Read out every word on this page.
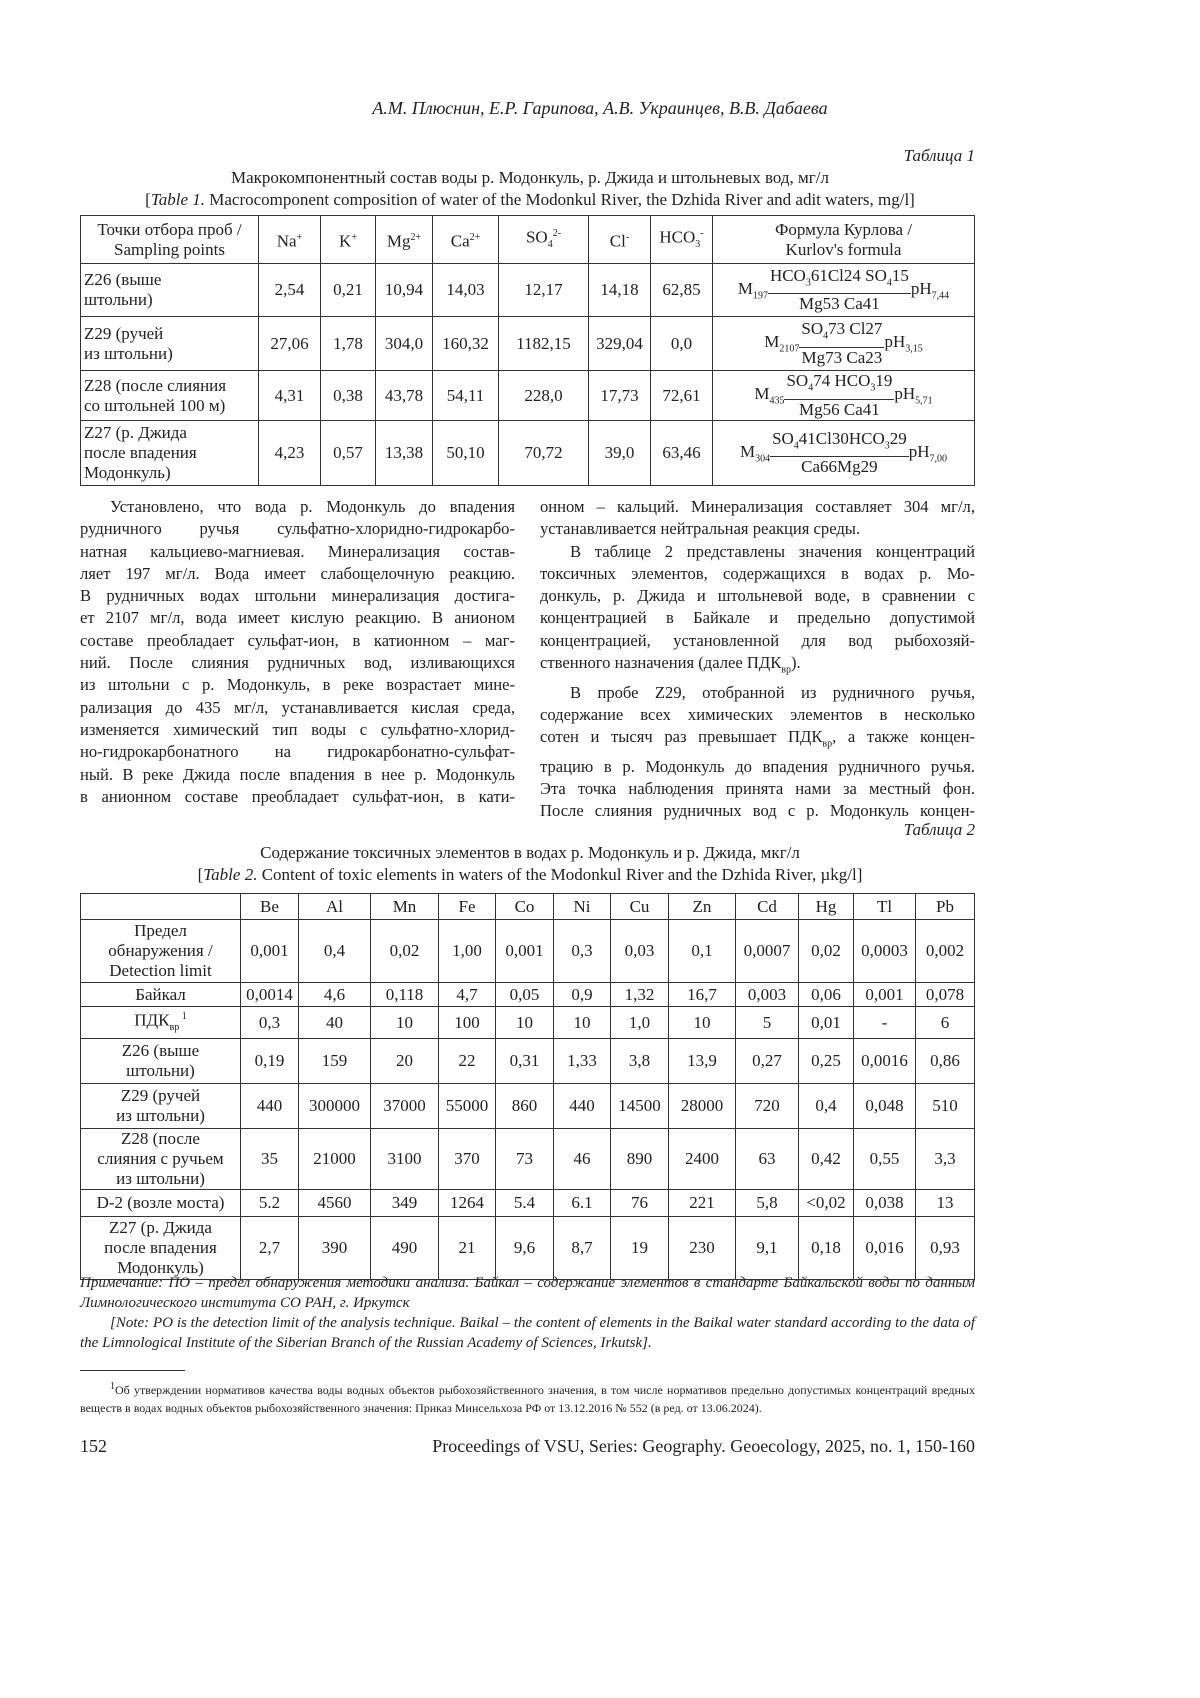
А.М. Плюснин, Е.Р. Гарипова, А.В. Украинцев, В.В. Дабаева
Таблица 1
Макрокомпонентный состав воды р. Модонкуль, р. Джида и штольневых вод, мг/л
[Table 1. Macrocomponent composition of water of the Modonkul River, the Dzhida River and adit waters, mg/l]
Точки отбора проб /
Sampling points	Na+	K+	Mg2+	Ca2+	SO42-	Cl-	HCO3-	Формула Курлова /
Kurlov's formula

Z26 (выше
штольни)
	2,54	0,21	10,94	14,03	12,17	14,18	62,85	M197
HCO361Cl24 SO415
Mg53 Ca41
pH7,44

Z29 (ручей
из штольни)
	27,06	1,78	304,0	160,32	1182,15	329,04	0,0	M2107
SO473 Cl27
Mg73 Ca23
pH3,15

Z28 (после слияния
со штольней 100 м)
	4,31	0,38	43,78	54,11	228,0	17,73	72,61	M435
SO474 HCO319
Mg56 Ca41
pH5,71

Z27 (р. Джида
после впадения
Модонкуль)
	4,23	0,57	13,38	50,10	70,72	39,0	63,46	M304
SO441Cl30HCO329
Ca66Mg29
pH7,00
Установлено, что вода р. Модонкуль до впадения
рудничного ручья сульфатно-хлоридно-гидрокарбо-
натная кальциево-магниевая. Минерализация состав-
ляет 197 мг/л. Вода имеет слабощелочную реакцию.
В рудничных водах штольни минерализация достига-
ет 2107 мг/л, вода имеет кислую реакцию. В анионом
составе преобладает сульфат-ион, в катионном – маг-
ний. После слияния рудничных вод, изливающихся
из штольни с р. Модонкуль, в реке возрастает мине-
рализация до 435 мг/л, устанавливается кислая среда,
изменяется химический тип воды с сульфатно-хлорид-
но-гидрокарбонатного на гидрокарбонатно-сульфат-
ный. В реке Джида после впадения в нее р. Модонкуль
в анионном составе преобладает сульфат-ион, в кати-
онном – кальций. Минерализация составляет 304 мг/л,
устанавливается нейтральная реакция среды.
В таблице 2 представлены значения концентраций
токсичных элементов, содержащихся в водах р. Мо-
донкуль, р. Джида и штольневой воде, в сравнении с
концентрацией в Байкале и предельно допустимой
концентрацией, установленной для вод рыбохозяй-
ственного назначения (далее ПДКвр).
В пробе Z29, отобранной из рудничного ручья,
содержание всех химических элементов в несколько
сотен и тысяч раз превышает ПДКвр, а также концен-
трацию в р. Модонкуль до впадения рудничного ручья.
Эта точка наблюдения принята нами за местный фон.
После слияния рудничных вод с р. Модонкуль концен-
Таблица 2
Содержание токсичных элементов в водах р. Модонкуль и р. Джида, мкг/л
[Table 2. Content of toxic elements in waters of the Modonkul River and the Dzhida River, µkg/l]
	Be	Al	Mn	Fe	Co	Ni	Cu	Zn	Cd	Hg	Tl	Pb

Предел
обнаружения /
Detection limit
	0,001	0,4	0,02	1,00	0,001	0,3	0,03	0,1	0,0007	0,02	0,0003	0,002

Байкал	0,0014	4,6	0,118	4,7	0,05	0,9	1,32	16,7	0,003	0,06	0,001	0,078
ПДКвр 1	0,3	40	10	100	10	10	1,0	10	5	0,01	-	6

Z26 (выше
штольни)
	0,19	159	20	22	0,31	1,33	3,8	13,9	0,27	0,25	0,0016	0,86

Z29 (ручей
из штольни)
	440	300000	37000	55000	860	440	14500	28000	720	0,4	0,048	510

Z28 (после
слияния с ручьем
из штольни)
	35	21000	3100	370	73	46	890	2400	63	0,42	0,55	3,3

D-2 (возле моста)	5.2	4560	349	1264	5.4	6.1	76	221	5,8	<0,02	0,038	13

Z27 (р. Джида
после впадения
Модонкуль)
	2,7	390	490	21	9,6	8,7	19	230	9,1	0,18	0,016	0,93
Примечание: ПО – предел обнаружения методики анализа. Байкал – содержание элементов в стандарте Байкальской воды по данным Лимнологического института СО РАН, г. Иркутск
[Note: PO is the detection limit of the analysis technique. Baikal – the content of elements in the Baikal water standard according to the data of the Limnological Institute of the Siberian Branch of the Russian Academy of Sciences, Irkutsk].
1Об утверждении нормативов качества воды водных объектов рыбохозяйственного значения, в том числе нормативов предельно допустимых концентраций вредных веществ в водах водных объектов рыбохозяйственного значения: Приказ Минсельхоза РФ от 13.12.2016 № 552 (в ред. от 13.06.2024).
152	Proceedings of VSU, Series: Geography. Geoecology, 2025, no. 1, 150-160
